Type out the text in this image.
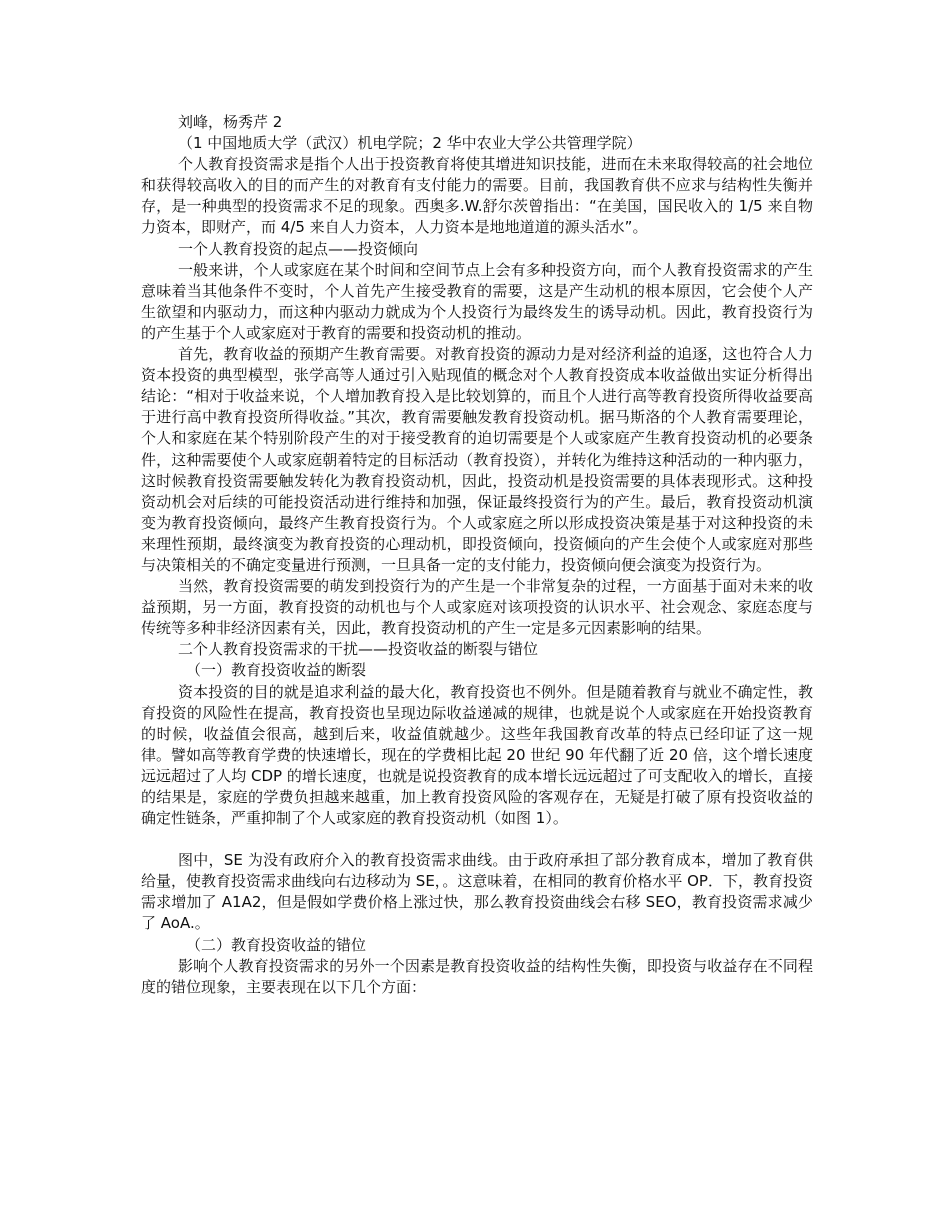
刘峰，杨秀芹 2

（1 中国地质大学（武汉）机电学院；2 华中农业大学公共管理学院）

个人教育投资需求是指个人出于投资教育将使其增进知识技能，进而在未来取得较高的社会地位和获得较高收入的目的而产生的对教育有支付能力的需要。目前，我国教育供不应求与结构性失衡并存，是一种典型的投资需求不足的现象。西奥多.W.舒尔茨曾指出：“在美国，国民收入的 1/5 来自物力资本，即财产，而 4/5 来自人力资本，人力资本是地地道道的源头活水”。

一个人教育投资的起点——投资倾向

一般来讲，个人或家庭在某个时间和空间节点上会有多种投资方向，而个人教育投资需求的产生意味着当其他条件不变时，个人首先产生接受教育的需要，这是产生动机的根本原因，它会使个人产生欲望和内驱动力，而这种内驱动力就成为个人投资行为最终发生的诱导动机。因此，教育投资行为的产生基于个人或家庭对于教育的需要和投资动机的推动。

首先，教育收益的预期产生教育需要。对教育投资的源动力是对经济利益的追逐，这也符合人力资本投资的典型模型，张学高等人通过引入贴现值的概念对个人教育投资成本收益做出实证分析得出结论：“相对于收益来说，个人增加教育投入是比较划算的，而且个人进行高等教育投资所得收益要高于进行高中教育投资所得收益。”其次，教育需要触发教育投资动机。据马斯洛的个人教育需要理论，个人和家庭在某个特别阶段产生的对于接受教育的迫切需要是个人或家庭产生教育投资动机的必要条件，这种需要使个人或家庭朝着特定的目标活动（教育投资），并转化为维持这种活动的一种内驱力，这时候教育投资需要触发转化为教育投资动机，因此，投资动机是投资需要的具体表现形式。这种投资动机会对后续的可能投资活动进行维持和加强，保证最终投资行为的产生。最后，教育投资动机演变为教育投资倾向，最终产生教育投资行为。个人或家庭之所以形成投资决策是基于对这种投资的未来理性预期，最终演变为教育投资的心理动机，即投资倾向，投资倾向的产生会使个人或家庭对那些与决策相关的不确定变量进行预测，一旦具备一定的支付能力，投资倾向便会演变为投资行为。

当然，教育投资需要的萌发到投资行为的产生是一个非常复杂的过程，一方面基于面对未来的收益预期，另一方面，教育投资的动机也与个人或家庭对该项投资的认识水平、社会观念、家庭态度与传统等多种非经济因素有关，因此，教育投资动机的产生一定是多元因素影响的结果。

二个人教育投资需求的干扰——投资收益的断裂与错位

（一）教育投资收益的断裂

资本投资的目的就是追求利益的最大化，教育投资也不例外。但是随着教育与就业不确定性，教育投资的风险性在提高，教育投资也呈现边际收益递减的规律，也就是说个人或家庭在开始投资教育的时候，收益值会很高，越到后来，收益值就越少。这些年我国教育改革的特点已经印证了这一规律。譬如高等教育学费的快速增长，现在的学费相比起 20 世纪 90 年代翻了近 20 倍，这个增长速度远远超过了人均 CDP 的增长速度，也就是说投资教育的成本增长远远超过了可支配收入的增长，直接的结果是，家庭的学费负担越来越重，加上教育投资风险的客观存在，无疑是打破了原有投资收益的确定性链条，严重抑制了个人或家庭的教育投资动机（如图 1）。

图中，SE 为没有政府介入的教育投资需求曲线。由于政府承担了部分教育成本，增加了教育供给量，使教育投资需求曲线向右边移动为 SE，。这意味着，在相同的教育价格水平 OP．下，教育投资需求增加了 A1A2，但是假如学费价格上涨过快，那么教育投资曲线会右移 SEO，教育投资需求减少了 AoA.。

（二）教育投资收益的错位

影响个人教育投资需求的另外一个因素是教育投资收益的结构性失衡，即投资与收益存在不同程度的错位现象，主要表现在以下几个方面：
